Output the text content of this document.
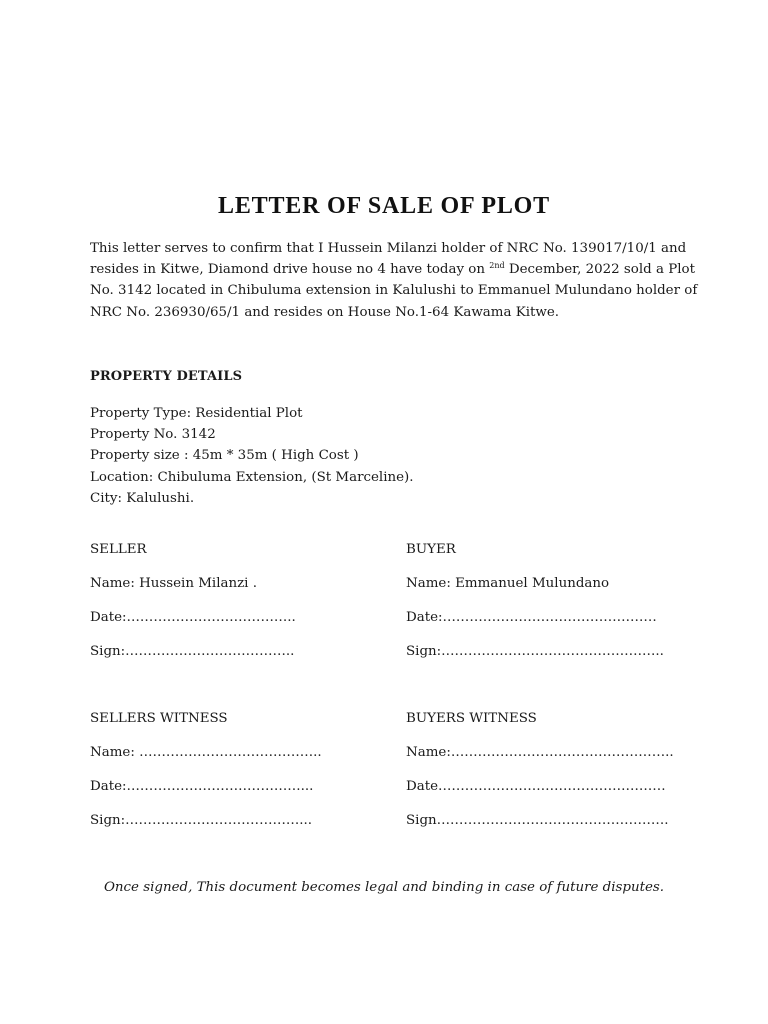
LETTER OF SALE OF PLOT
This letter serves to confirm that I Hussein Milanzi holder of NRC No. 139017/10/1 and
resides in Kitwe, Diamond drive house no 4 have today on $^{2nd}$ December, 2022 sold a Plot
No. 3142 located in Chibuluma extension in Kalulushi to Emmanuel Mulundano holder of
NRC No. 236930/65/1 and resides on House No.1-64 Kawama Kitwe.
PROPERTY DETAILS
Property Type: Residential Plot
Property No. 3142
Property size : 45m * 35m ( High Cost )
Location: Chibuluma Extension, (St Marceline).
City: Kalulushi.
SELLER
Name: Hussein Milanzi .
Date:………………………………..
Sign:………………………………..
BUYER
Name: Emmanuel Mulundano
Date:…………………………………………
Sign:…………………………………………..
SELLERS WITNESS
Name: …………………………………..
Date:…………………………………...
Sign:…………………………………...
BUYERS WITNESS
Name:…………………………………………..
Date……………………………………………
Sign…………………………………………….
Once signed, This document becomes legal and binding in case of future disputes.
